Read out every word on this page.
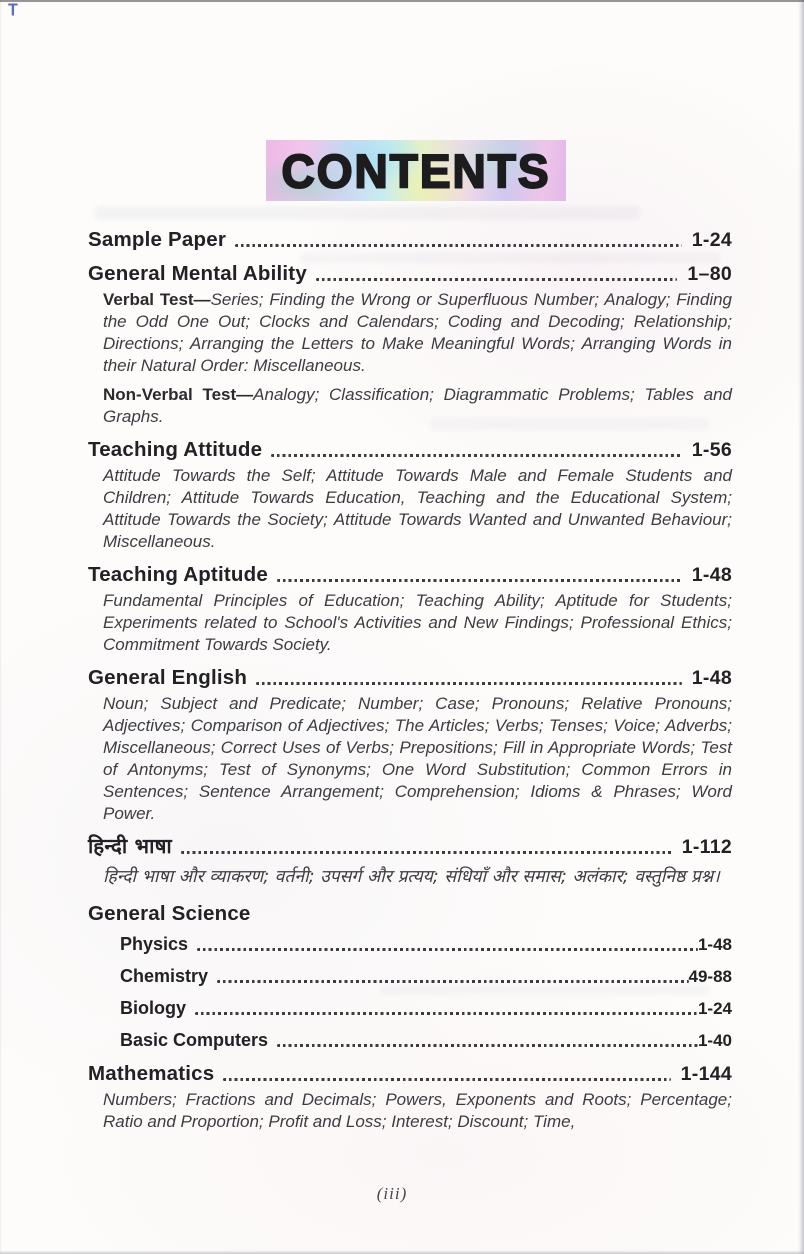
T
CONTENTS
Sample Paper	1-24
General Mental Ability	1–80

Verbal Test—Series; Finding the Wrong or Superfluous Number; Analogy; Finding the Odd One Out; Clocks and Calendars; Coding and Decoding; Relationship; Directions; Arranging the Letters to Make Meaningful Words; Arranging Words in their Natural Order: Miscellaneous.

Non-Verbal Test—Analogy; Classification; Diagrammatic Problems; Tables and Graphs.

Teaching Attitude	1-56

Attitude Towards the Self; Attitude Towards Male and Female Students and Children; Attitude Towards Education, Teaching and the Educational System; Attitude Towards the Society; Attitude Towards Wanted and Unwanted Behaviour; Miscellaneous.

Teaching Aptitude	1-48

Fundamental Principles of Education; Teaching Ability; Aptitude for Students; Experiments related to School's Activities and New Findings; Professional Ethics; Commitment Towards Society.

General English	1-48

Noun; Subject and Predicate; Number; Case; Pronouns; Relative Pronouns; Adjectives; Comparison of Adjectives; The Articles; Verbs; Tenses; Voice; Adverbs; Miscellaneous; Correct Uses of Verbs; Prepositions; Fill in Appropriate Words; Test of Antonyms; Test of Synonyms; One Word Substitution; Common Errors in Sentences; Sentence Arrangement; Comprehension; Idioms & Phrases; Word Power.

हिन्दी भाषा	1-112

हिन्दी भाषा और व्याकरण; वर्तनी; उपसर्ग और प्रत्यय; संधियाँ और समास; अलंकार; वस्तुनिष्ठ प्रश्न।

General Science
Physics	1-48
Chemistry	49-88
Biology	1-24
Basic Computers	1-40
Mathematics	1-144

Numbers; Fractions and Decimals; Powers, Exponents and Roots; Percentage; Ratio and Proportion; Profit and Loss; Interest; Discount; Time,

(iii)
